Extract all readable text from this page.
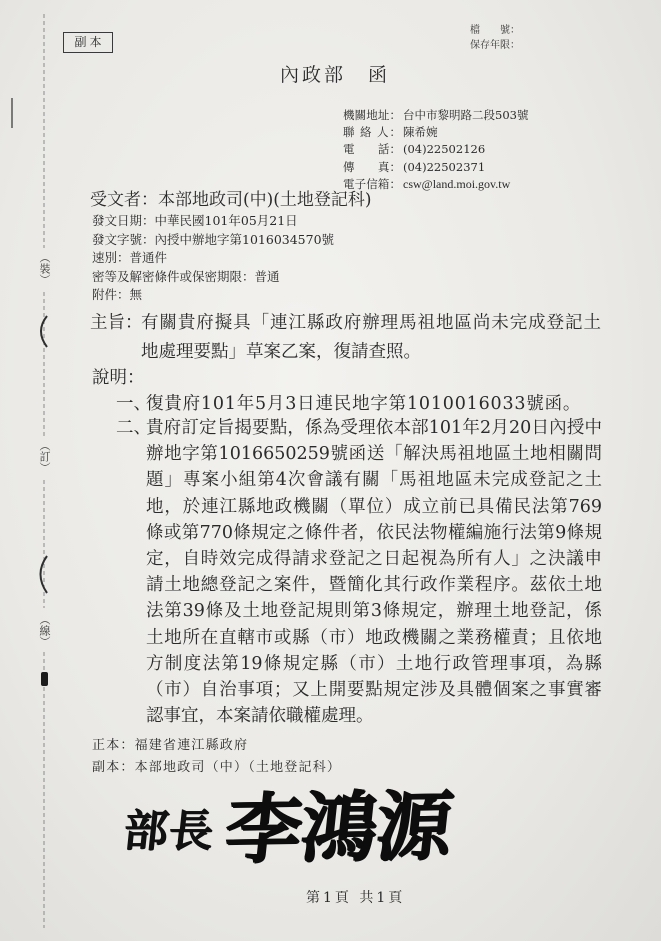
（裝）
（訂）
（線）
副本
檔　　號：
保存年限：
內政部　函
機關地址： 台中市黎明路二段503號
聯 絡 人： 陳希婉
電　　話： (04)22502126
傳　　真： (04)22502371
電子信箱： csw@land.moi.gov.tw
受文者：本部地政司(中)(土地登記科)
發文日期：中華民國101年05月21日
發文字號：內授中辦地字第1016034570號
速別：普通件
密等及解密條件或保密期限：普通
附件：無
主旨：
有關貴府擬具「連江縣政府辦理馬祖地區尚未完成登記土
地處理要點」草案乙案，復請查照。
說明：
一、
復貴府101年5月3日連民地字第1010016033號函。
二、
貴府訂定旨揭要點，係為受理依本部101年2月20日內授中
辦地字第1016650259號函送「解決馬祖地區土地相關問
題」專案小組第4次會議有關「馬祖地區未完成登記之土
地，於連江縣地政機關（單位）成立前已具備民法第769
條或第770條規定之條件者，依民法物權編施行法第9條規
定，自時效完成得請求登記之日起視為所有人」之決議申
請土地總登記之案件，暨簡化其行政作業程序。茲依土地
法第39條及土地登記規則第3條規定，辦理土地登記，係
土地所在直轄市或縣（市）地政機關之業務權責；且依地
方制度法第19條規定縣（市）土地行政管理事項，為縣
（市）自治事項；又上開要點規定涉及具體個案之事實審
認事宜，本案請依職權處理。
正本：福建省連江縣政府
副本：本部地政司（中）（土地登記科）
部長 李鴻源
第1頁 共1頁
